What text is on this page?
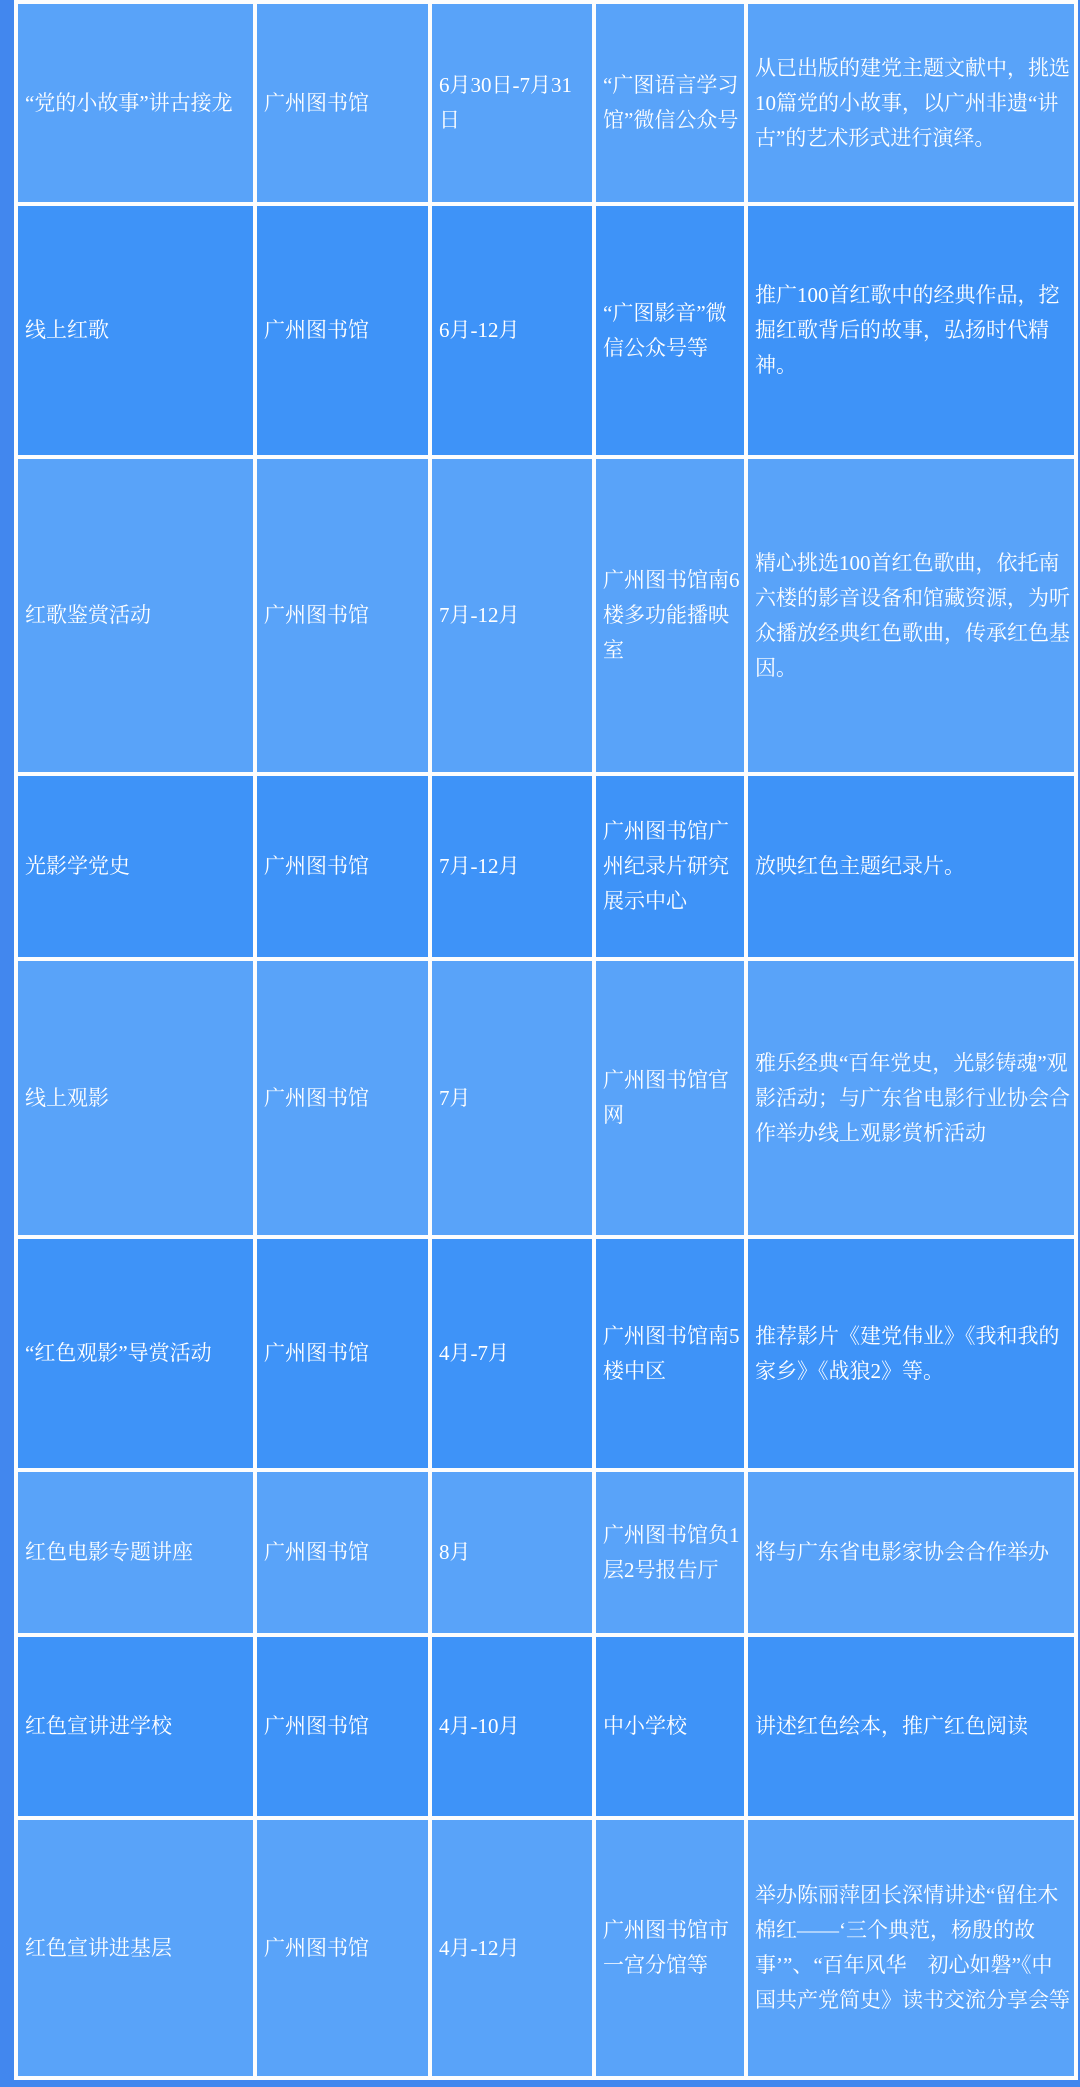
“党的小故事”讲古接龙	广州图书馆	6月30日-7月31日	“广图语言学习馆”微信公众号	从已出版的建党主题文献中，挑选10篇党的小故事，以广州非遗“讲古”的艺术形式进行演绎。
线上红歌	广州图书馆	6月-12月	“广图影音”微信公众号等	推广100首红歌中的经典作品，挖掘红歌背后的故事，弘扬时代精神。
红歌鉴赏活动	广州图书馆	7月-12月	广州图书馆南6楼多功能播映室	精心挑选100首红色歌曲，依托南六楼的影音设备和馆藏资源，为听众播放经典红色歌曲，传承红色基因。
光影学党史	广州图书馆	7月-12月	广州图书馆广州纪录片研究展示中心	放映红色主题纪录片。
线上观影	广州图书馆	7月	广州图书馆官网	雅乐经典“百年党史，光影铸魂”观影活动；与广东省电影行业协会合作举办线上观影赏析活动
“红色观影”导赏活动	广州图书馆	4月-7月	广州图书馆南5楼中区	推荐影片《建党伟业》《我和我的家乡》《战狼2》等。
红色电影专题讲座	广州图书馆	8月	广州图书馆负1层2号报告厅	将与广东省电影家协会合作举办
红色宣讲进学校	广州图书馆	4月-10月	中小学校	讲述红色绘本，推广红色阅读
红色宣讲进基层	广州图书馆	4月-12月	广州图书馆市一宫分馆等	举办陈丽萍团长深情讲述“留住木棉红——‘三个典范，杨殷的故事’”、“百年风华　初心如磐”《中国共产党简史》读书交流分享会等
